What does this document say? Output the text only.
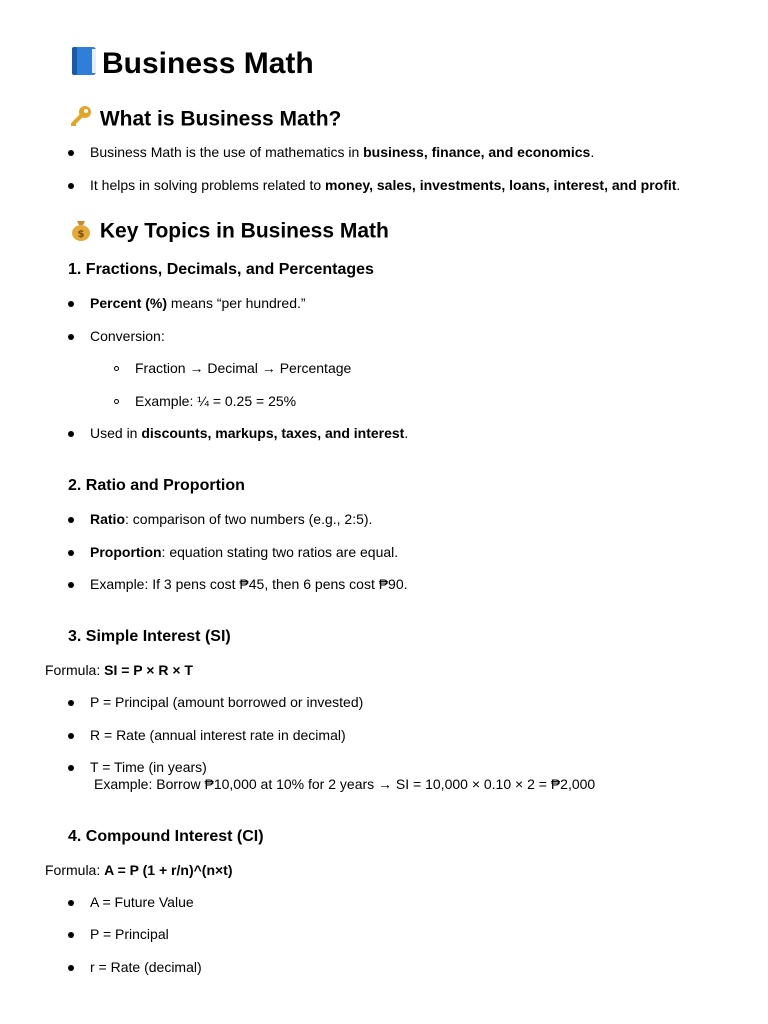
Business Math
What is Business Math?
Business Math is the use of mathematics in business, finance, and economics.
It helps in solving problems related to money, sales, investments, loans, interest, and profit.
$ Key Topics in Business Math
1. Fractions, Decimals, and Percentages
Percent (%) means “per hundred.”
Conversion:
Fraction → Decimal → Percentage
Example: ¼ = 0.25 = 25%
Used in discounts, markups, taxes, and interest.
2. Ratio and Proportion
Ratio: comparison of two numbers (e.g., 2:5).
Proportion: equation stating two ratios are equal.
Example: If 3 pens cost ₱45, then 6 pens cost ₱90.
3. Simple Interest (SI)
Formula: SI = P × R × T
P = Principal (amount borrowed or invested)
R = Rate (annual interest rate in decimal)
T = Time (in years)
Example: Borrow ₱10,000 at 10% for 2 years → SI = 10,000 × 0.10 × 2 = ₱2,000
4. Compound Interest (CI)
Formula: A = P (1 + r/n)^(n×t)
A = Future Value
P = Principal
r = Rate (decimal)
